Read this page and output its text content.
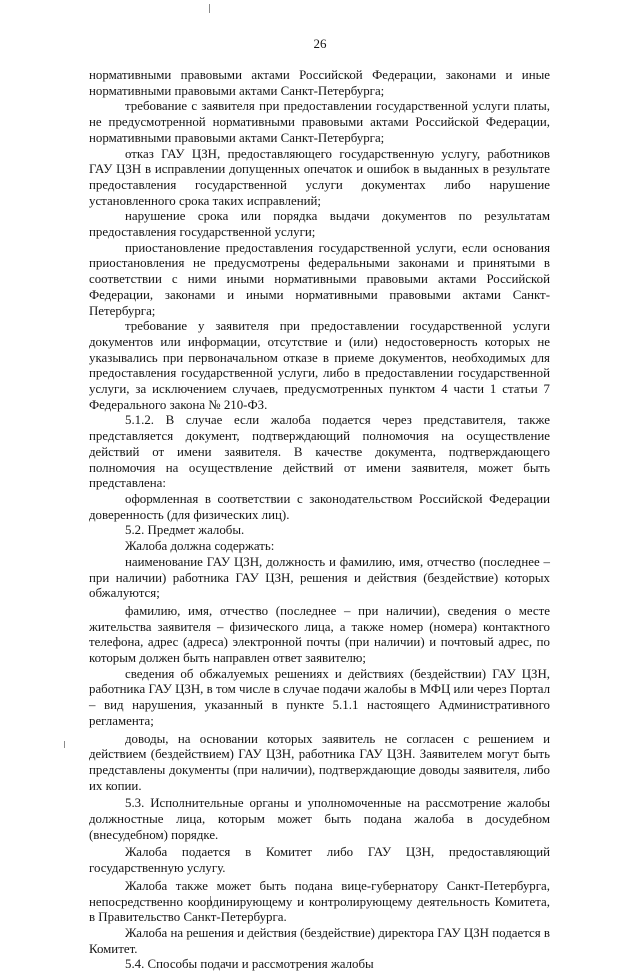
26

нормативными правовыми актами Российской Федерации, законами и иные нормативными правовыми актами Санкт-Петербурга;

требование с заявителя при предоставлении государственной услуги платы, не предусмотренной нормативными правовыми актами Российской Федерации, нормативными правовыми актами Санкт-Петербурга;

отказ ГАУ ЦЗН, предоставляющего государственную услугу, работников ГАУ ЦЗН в исправлении допущенных опечаток и ошибок в выданных в результате предоставления государственной услуги документах либо нарушение установленного срока таких исправлений;

нарушение срока или порядка выдачи документов по результатам предоставления государственной услуги;

приостановление предоставления государственной услуги, если основания приостановления не предусмотрены федеральными законами и принятыми в соответствии с ними иными нормативными правовыми актами Российской Федерации, законами и иными нормативными правовыми актами Санкт-Петербурга;

требование у заявителя при предоставлении государственной услуги документов или информации, отсутствие и (или) недостоверность которых не указывались при первоначальном отказе в приеме документов, необходимых для предоставления государственной услуги, либо в предоставлении государственной услуги, за исключением случаев, предусмотренных пунктом 4 части 1 статьи 7 Федерального закона № 210-ФЗ.

5.1.2. В случае если жалоба подается через представителя, также представляется документ, подтверждающий полномочия на осуществление действий от имени заявителя. В качестве документа, подтверждающего полномочия на осуществление действий от имени заявителя, может быть представлена:

оформленная в соответствии с законодательством Российской Федерации доверенность (для физических лиц).

5.2. Предмет жалобы.

Жалоба должна содержать:

наименование ГАУ ЦЗН, должность и фамилию, имя, отчество (последнее – при наличии) работника ГАУ ЦЗН, решения и действия (бездействие) которых обжалуются;

фамилию, имя, отчество (последнее – при наличии), сведения о месте жительства заявителя – физического лица, а также номер (номера) контактного телефона, адрес (адреса) электронной почты (при наличии) и почтовый адрес, по которым должен быть направлен ответ заявителю;

сведения об обжалуемых решениях и действиях (бездействии) ГАУ ЦЗН, работника ГАУ ЦЗН, в том числе в случае подачи жалобы в МФЦ или через Портал – вид нарушения, указанный в пункте 5.1.1 настоящего Административного регламента;

доводы, на основании которых заявитель не согласен с решением и действием (бездействием) ГАУ ЦЗН, работника ГАУ ЦЗН. Заявителем могут быть представлены документы (при наличии), подтверждающие доводы заявителя, либо их копии.

5.3. Исполнительные органы и уполномоченные на рассмотрение жалобы должностные лица, которым может быть подана жалоба в досудебном (внесудебном) порядке.

Жалоба подается в Комитет либо ГАУ ЦЗН, предоставляющий государственную услугу.

Жалоба также может быть подана вице-губернатору Санкт-Петербурга, непосредственно координирующему и контролирующему деятельность Комитета, в Правительство Санкт-Петербурга.

Жалоба на решения и действия (бездействие) директора ГАУ ЦЗН подается в Комитет.

5.4. Способы подачи и рассмотрения жалобы
